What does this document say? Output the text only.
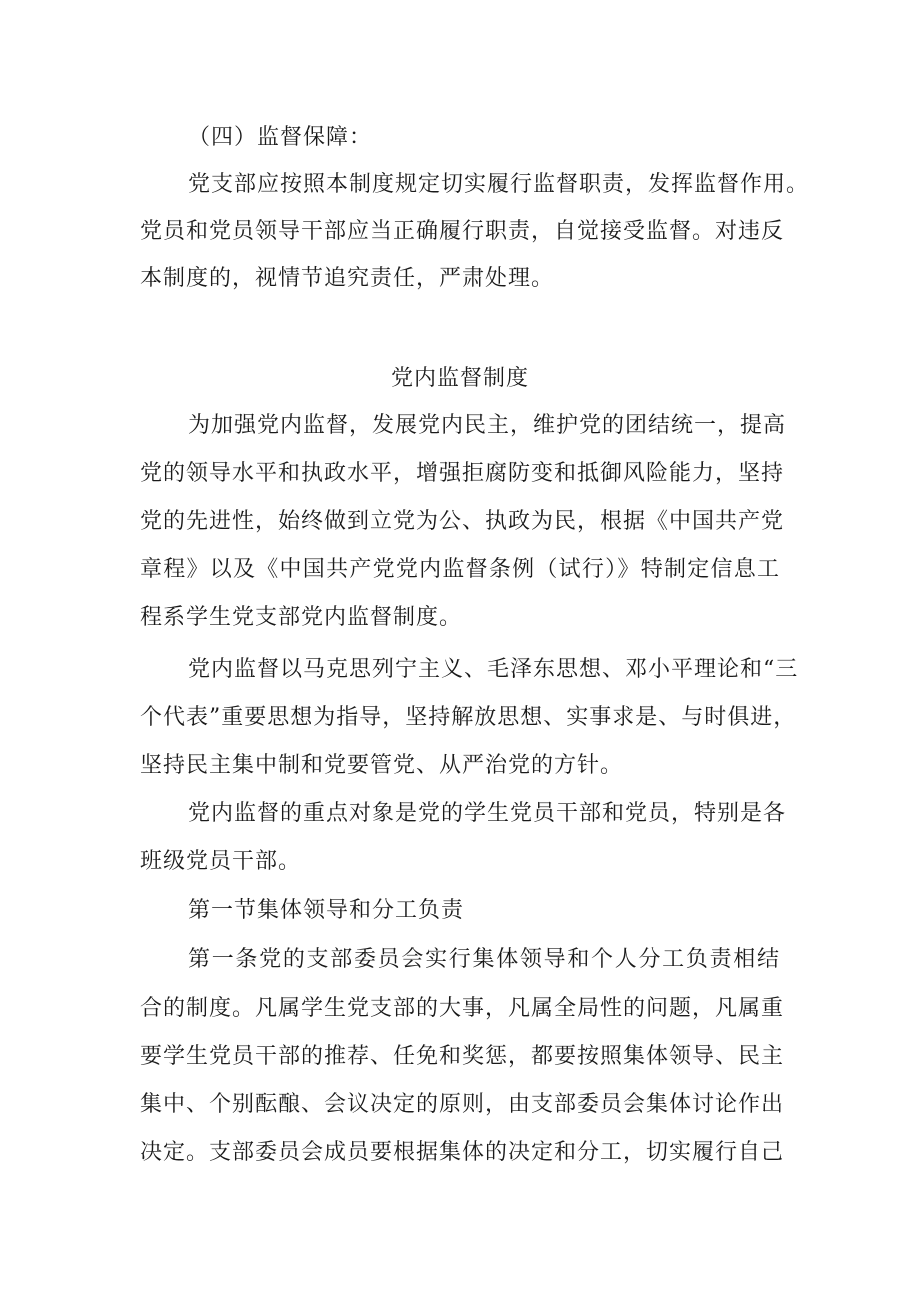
（四）监督保障：
党支部应按照本制度规定切实履行监督职责，发挥监督作用。
党员和党员领导干部应当正确履行职责，自觉接受监督。对违反
本制度的，视情节追究责任，严肃处理。
党内监督制度
为加强党内监督，发展党内民主，维护党的团结统一，提高
党的领导水平和执政水平，增强拒腐防变和抵御风险能力，坚持
党的先进性，始终做到立党为公、执政为民，根据《中国共产党
章程》以及《中国共产党党内监督条例（试行）》特制定信息工
程系学生党支部党内监督制度。
党内监督以马克思列宁主义、毛泽东思想、邓小平理论和“三
个代表”重要思想为指导，坚持解放思想、实事求是、与时俱进，
坚持民主集中制和党要管党、从严治党的方针。
党内监督的重点对象是党的学生党员干部和党员，特别是各
班级党员干部。
第一节集体领导和分工负责
第一条党的支部委员会实行集体领导和个人分工负责相结
合的制度。凡属学生党支部的大事，凡属全局性的问题，凡属重
要学生党员干部的推荐、任免和奖惩，都要按照集体领导、民主
集中、个别酝酿、会议决定的原则，由支部委员会集体讨论作出
决定。支部委员会成员要根据集体的决定和分工，切实履行自己
